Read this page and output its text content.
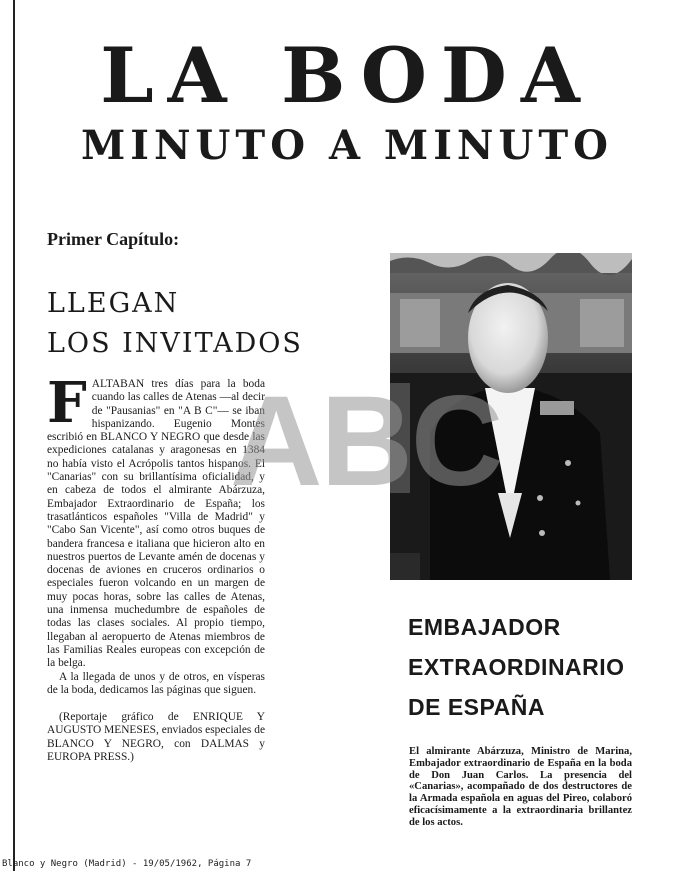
LA BODA
MINUTO A MINUTO
Primer Capítulo:
LLEGAN
LOS INVITADOS

FALTABAN tres días para la boda cuando las calles de Atenas —al decir de "Pausanias" en "A B C"— se iban hispanizando. Eugenio Montes escribió en BLANCO Y NEGRO que desde las expediciones catalanas y aragonesas en 1384 no había visto el Acrópolis tantos hispanos. El "Canarias" con su brillantísima oficialidad, y en cabeza de todos el almirante Abárzuza, Embajador Extraordinario de España; los trasatlánticos españoles "Villa de Madrid" y "Cabo San Vicente", así como otros buques de bandera francesa e italiana que hicieron alto en nuestros puertos de Levante amén de docenas y docenas de aviones en cruceros ordinarios o especiales fueron volcando en un margen de muy pocas horas, sobre las calles de Atenas, una inmensa muchedumbre de españoles de todas las clases sociales. Al propio tiempo, llegaban al aeropuerto de Atenas miembros de las Familias Reales europeas con excepción de la belga.

A la llegada de unos y de otros, en vísperas de la boda, dedicamos las páginas que siguen.

(Reportaje gráfico de ENRIQUE Y AUGUSTO MENESES, enviados especiales de BLANCO Y NEGRO, con DALMAS y EUROPA PRESS.)

ABC
EMBAJADOR
EXTRAORDINARIO
DE ESPAÑA
El almirante Abárzuza, Ministro de Marina, Embajador extraordinario de España en la boda de Don Juan Carlos. La presencia del «Canarias», acompañado de dos destructores de la Armada española en aguas del Pireo, colaboró eficacísimamente a la extraordinaria brillantez de los actos.
Blanco y Negro (Madrid) - 19/05/1962, Página 7
